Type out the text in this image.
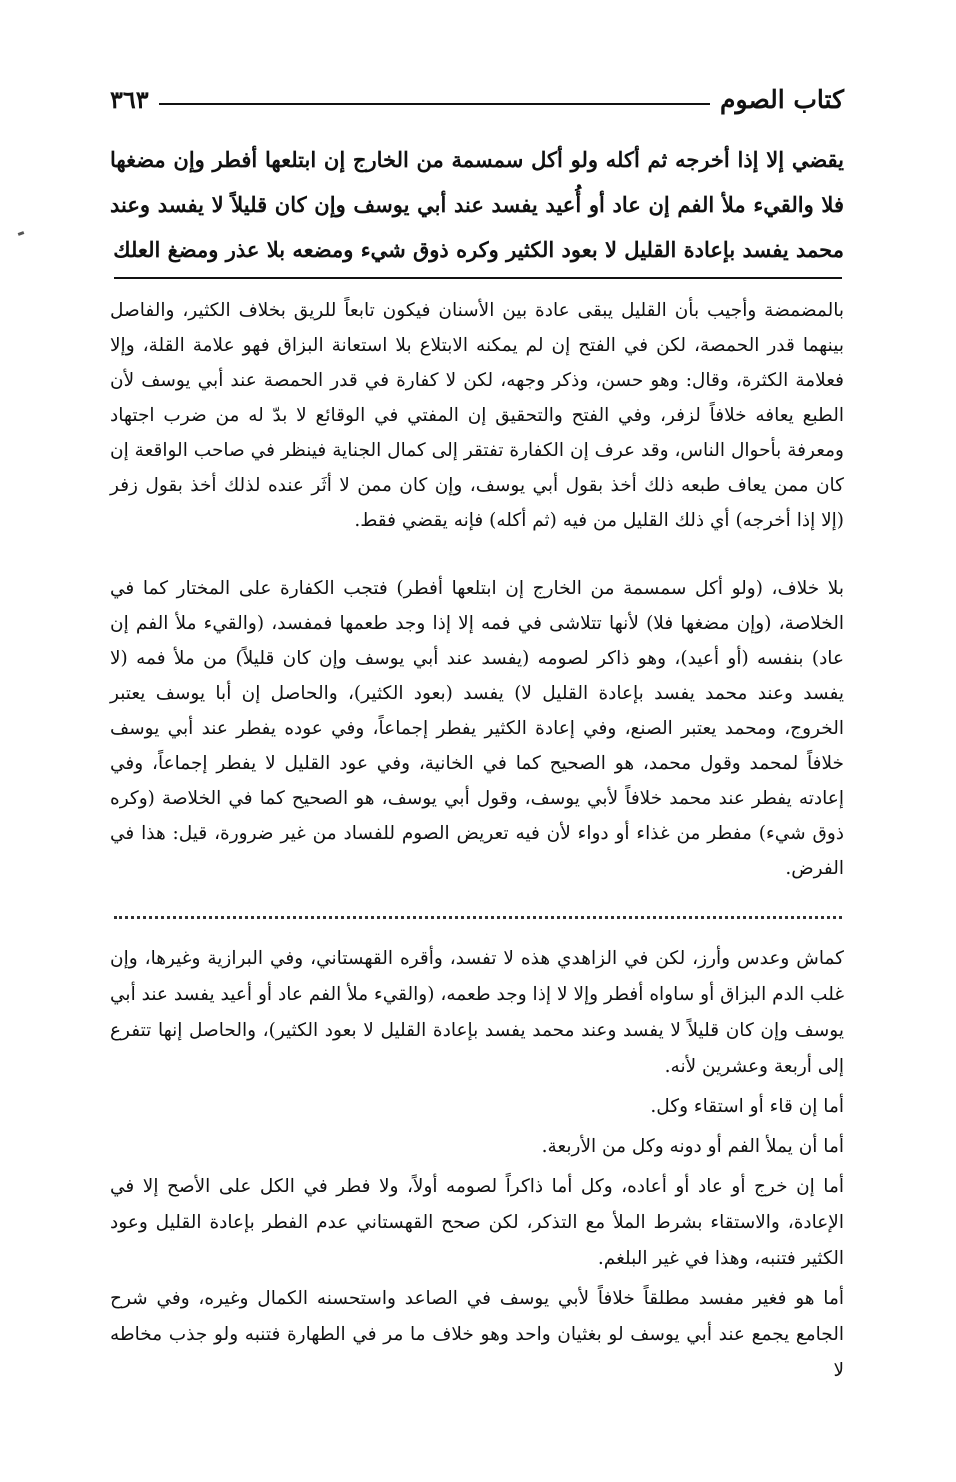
كتاب الصوم
٣٦٣

يقضي إلا إذا أخرجه ثم أكله ولو أكل سمسمة من الخارج إن ابتلعها أفطر وإن مضغها فلا والقيء ملأ الفم إن عاد أو أُعيد يفسد عند أبي يوسف وإن كان قليلاً لا يفسد وعند محمد يفسد بإعادة القليل لا بعود الكثير وكره ذوق شيء ومضعه بلا عذر ومضغ العلك

بالمضمضة وأجيب بأن القليل يبقى عادة بين الأسنان فيكون تابعاً للريق بخلاف الكثير، والفاصل بينهما قدر الحمصة، لكن في الفتح إن لم يمكنه الابتلاع بلا استعانة البزاق فهو علامة القلة، وإلا فعلامة الكثرة، وقال: وهو حسن، وذكر وجهه، لكن لا كفارة في قدر الحمصة عند أبي يوسف لأن الطبع يعافه خلافاً لزفر، وفي الفتح والتحقيق إن المفتي في الوقائع لا بدّ له من ضرب اجتهاد ومعرفة بأحوال الناس، وقد عرف إن الكفارة تفتقر إلى كمال الجناية فينظر في صاحب الواقعة إن كان ممن يعاف طبعه ذلك أخذ بقول أبي يوسف، وإن كان ممن لا أثَر عنده لذلك أخذ بقول زفر (إلا إذا أخرجه) أي ذلك القليل من فيه (ثم أكله) فإنه يقضي فقط.

بلا خلاف، (ولو أكل سمسمة من الخارج إن ابتلعها أفطر) فتجب الكفارة على المختار كما في الخلاصة، (وإن مضغها فلا) لأنها تتلاشى في فمه إلا إذا وجد طعمها فمفسد، (والقيء ملأ الفم إن عاد) بنفسه (أو أعيد)، وهو ذاكر لصومه (يفسد عند أبي يوسف وإن كان قليلاً) من ملأ فمه (لا يفسد وعند محمد يفسد بإعادة القليل لا) يفسد (بعود الكثير)، والحاصل إن أبا يوسف يعتبر الخروج، ومحمد يعتبر الصنع، وفي إعادة الكثير يفطر إجماعاً، وفي عوده يفطر عند أبي يوسف خلافاً لمحمد وقول محمد، هو الصحيح كما في الخانية، وفي عود القليل لا يفطر إجماعاً، وفي إعادته يفطر عند محمد خلافاً لأبي يوسف، وقول أبي يوسف، هو الصحيح كما في الخلاصة (وكره ذوق شيء) مفطر من غذاء أو دواء لأن فيه تعريض الصوم للفساد من غير ضرورة، قيل: هذا في الفرض.

كماش وعدس وأرز، لكن في الزاهدي هذه لا تفسد، وأقره القهستاني، وفي البرازية وغيرها، وإن غلب الدم البزاق أو ساواه أفطر وإلا لا إذا وجد طعمه، (والقيء ملأ الفم عاد أو أعيد يفسد عند أبي يوسف وإن كان قليلاً لا يفسد وعند محمد يفسد بإعادة القليل لا بعود الكثير)، والحاصل إنها تتفرع إلى أربعة وعشرين لأنه.

أما إن قاء أو استقاء وكل.

أما أن يملأ الفم أو دونه وكل من الأربعة.

أما إن خرج أو عاد أو أعاده، وكل أما ذاكراً لصومه أولاً، ولا فطر في الكل على الأصح إلا في الإعادة، والاستقاء بشرط الملأ مع التذكر، لكن صحح القهستاني عدم الفطر بإعادة القليل وعود الكثير فتنبه، وهذا في غير البلغم.

أما هو فغير مفسد مطلقاً خلافاً لأبي يوسف في الصاعد واستحسنه الكمال وغيره، وفي شرح الجامع يجمع عند أبي يوسف لو بغثيان واحد وهو خلاف ما مر في الطهارة فتنبه ولو جذب مخاطه لا
